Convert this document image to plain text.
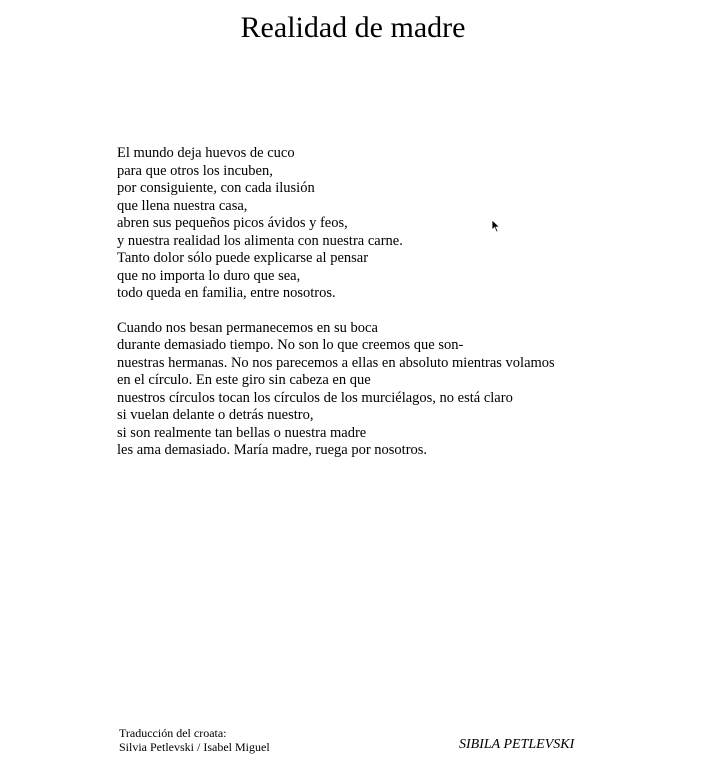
Realidad de madre
El mundo deja huevos de cuco
para que otros los incuben,
por consiguiente, con cada ilusión
que llena nuestra casa,
abren sus pequeños picos ávidos y feos,
y nuestra realidad los alimenta con nuestra carne.
Tanto dolor sólo puede explicarse al pensar
que no importa lo duro que sea,
todo queda en familia, entre nosotros.
Cuando nos besan permanecemos en su boca
durante demasiado tiempo. No son lo que creemos que son-
nuestras hermanas. No nos parecemos a ellas en absoluto mientras volamos
en el círculo. En este giro sin cabeza en que
nuestros círculos tocan los círculos de los murciélagos, no está claro
si vuelan delante o detrás nuestro,
si son realmente tan bellas o nuestra madre
les ama demasiado. María madre, ruega por nosotros.
Traducción del croata:
Silvia Petlevski / Isabel Miguel	SIBILA PETLEVSKI
